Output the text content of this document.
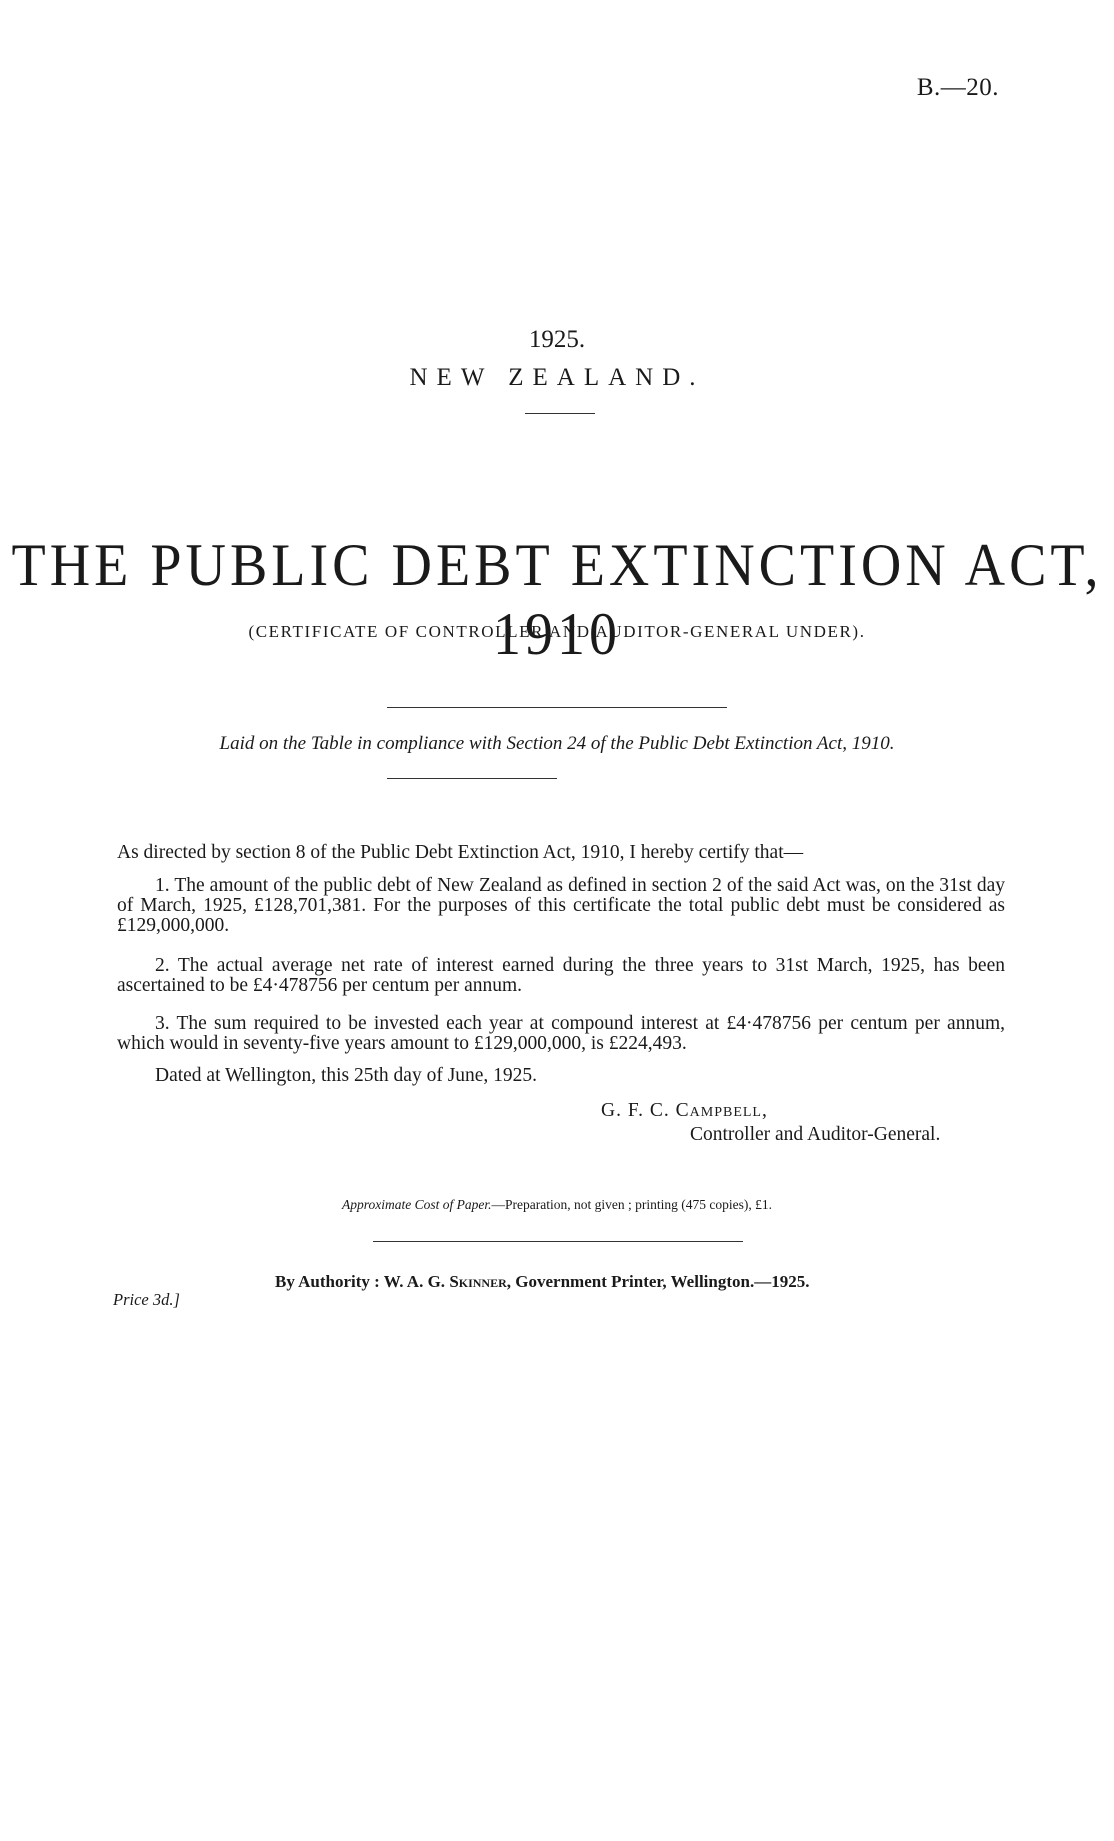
B.—20.
1925.
NEW ZEALAND.
THE PUBLIC DEBT EXTINCTION ACT, 1910
(CERTIFICATE OF CONTROLLER AND AUDITOR-GENERAL UNDER).
Laid on the Table in compliance with Section 24 of the Public Debt Extinction Act, 1910.
As directed by section 8 of the Public Debt Extinction Act, 1910, I hereby certify that—
1. The amount of the public debt of New Zealand as defined in section 2 of the said Act was, on the 31st day of March, 1925, £128,701,381. For the purposes of this certificate the total public debt must be considered as £129,000,000.
2. The actual average net rate of interest earned during the three years to 31st March, 1925, has been ascertained to be £4·478756 per centum per annum.
3. The sum required to be invested each year at compound interest at £4·478756 per centum per annum, which would in seventy-five years amount to £129,000,000, is £224,493.
Dated at Wellington, this 25th day of June, 1925.
G. F. C. Campbell,
Controller and Auditor-General.
Approximate Cost of Paper.—Preparation, not given ; printing (475 copies), £1.
By Authority : W. A. G. Skinner, Government Printer, Wellington.—1925.
Price 3d.]
